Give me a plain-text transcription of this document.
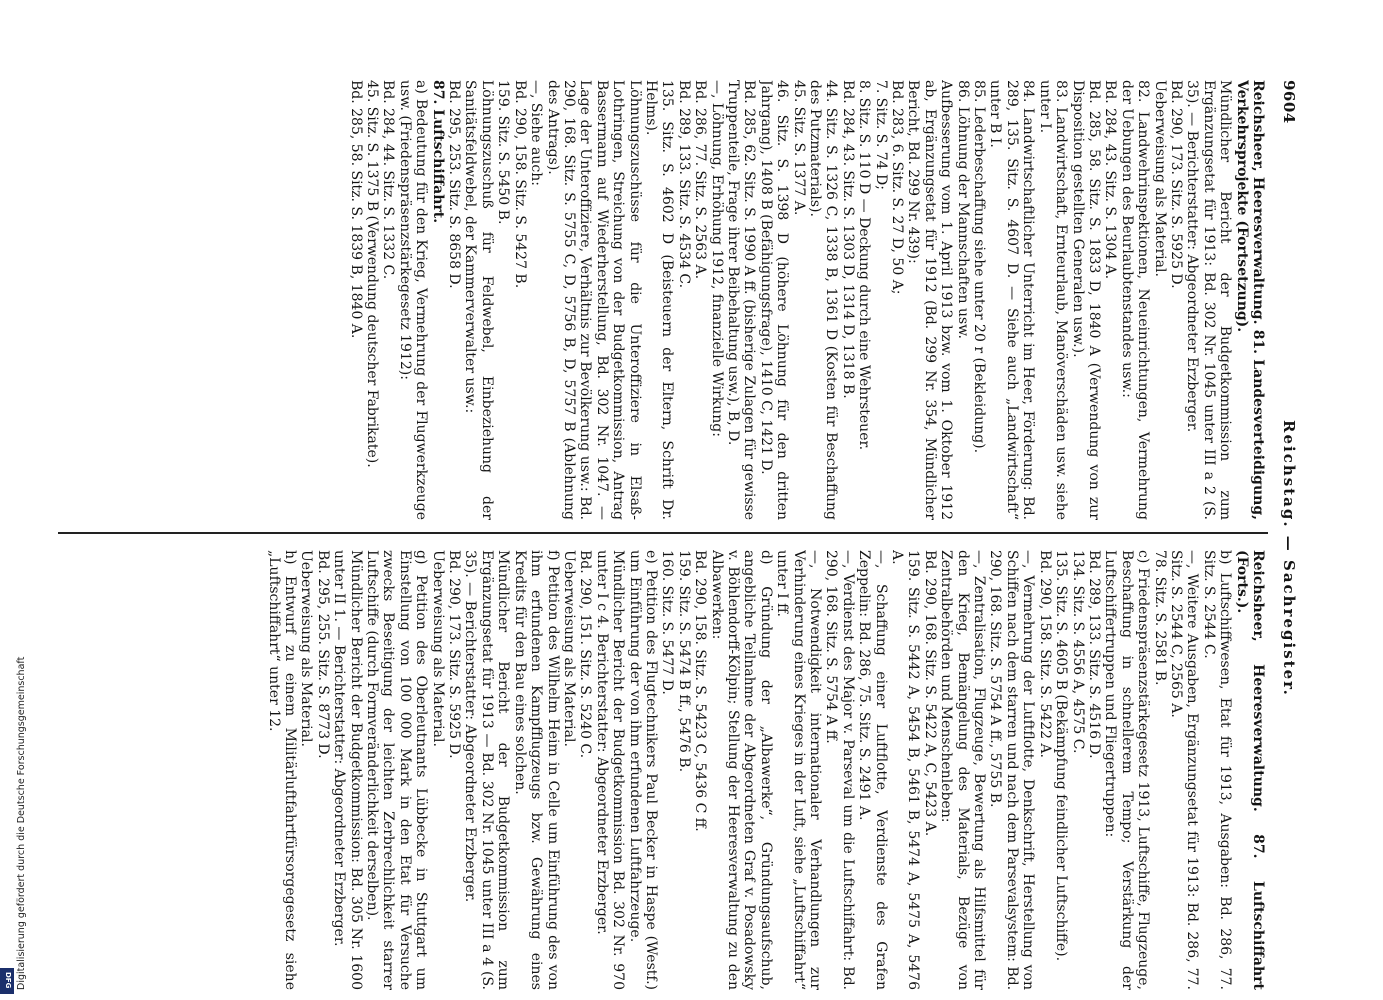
9604
Reichstag. — Sachregister.

Reichsheer, Heeresverwaltung. 81. Landesverteidigung, Verkehrsprojekte (Fortsetzung).

Mündlicher Bericht der Budgetkommission zum Ergänzungsetat für 1913: Bd. 302 Nr. 1045 unter III a 2 (S. 35). — Berichterstatter: Abgeordneter Erzberger.
Bd. 290, 173. Sitz. S. 5925 D.
Ueberweisung als Material.

82. Landwehrinspektionen, Neueinrichtungen, Vermehrung der Uebungen des Beurlaubtenstandes usw.:
Bd. 284, 43. Sitz. S. 1304 A.
Bd. 285, 58. Sitz. S. 1833 D, 1840 A (Verwendung von zur Disposition gestellten Generalen usw.).

83. Landwirtschaft, Ernteurlaub, Manöverschäden usw. siehe unter I.

84. Landwirtschaftlicher Unterricht im Heer, Förderung: Bd. 289, 135. Sitz. S. 4607 D. — Siehe auch „Landwirtschaft“ unter B I.

85. Lederbeschaffung siehe unter 20 r (Bekleidung).

86. Löhnung der Mannschaften usw.
Aufbesserung vom 1. April 1913 bzw. vom 1. Oktober 1912 ab, Ergänzungsetat für 1912 (Bd. 299 Nr. 354, Mündlicher Bericht, Bd. 299 Nr. 439):
Bd. 283, 6. Sitz. S. 27 D, 50 A;
7. Sitz. S. 74 D;
8. Sitz. S. 110 D — Deckung durch eine Wehrsteuer.
Bd. 284, 43. Sitz. S. 1303 D, 1314 D, 1318 B.
44. Sitz. S. 1326 C, 1338 B, 1361 D (Kosten für Beschaffung des Putzmaterials).
45. Sitz. S. 1377 A.
46. Sitz. S. 1398 D (höhere Löhnung für den dritten Jahrgang), 1408 B (Befähigungsfrage), 1410 C, 1421 D.
Bd. 285, 62. Sitz. S. 1990 A ff. (bisherige Zulagen für gewisse Truppenteile, Frage ihrer Beibehaltung usw.), B, D.

—, Löhnung, Erhöhung 1912, finanzielle Wirkung:
Bd. 286, 77. Sitz. S. 2563 A.
Bd. 289, 133. Sitz. S. 4534 C.
135. Sitz. S. 4602 D (Beisteuern der Eltern, Schrift Dr. Helms).

Löhnungszuschüsse für die Unteroffiziere in Elsaß-Lothringen, Streichung von der Budgetkommission, Antrag Bassermann auf Wiederherstellung, Bd. 302 Nr. 1047. — Lage der Unteroffiziere, Verhältnis zur Bevölkerung usw.: Bd. 290, 168. Sitz. S. 5755 C, D, 5756 B, D, 5757 B (Ablehnung des Antrags).

—, Siehe auch:
Bd. 290, 158. Sitz. S. 5427 B.
159. Sitz. S. 5450 B.

Löhnungszuschuß für Feldwebel, Einbeziehung der Sanitätsfeldwebel, der Kammerverwalter usw.:
Bd. 295, 253. Sitz. S. 8658 D.

87. Luftschiffahrt.

a) Bedeutung für den Krieg, Vermehrung der Flugwerkzeuge usw. (Friedenspräsenzstärkegesetz 1912):
Bd. 284, 44. Sitz. S. 1332 C.
45. Sitz. S. 1375 B (Verwendung deutscher Fabrikate).
Bd. 285, 58. Sitz. S. 1839 B, 1840 A.

Reichsheer, Heeresverwaltung. 87. Luftschiffahrt (Forts.).

b) Luftschiffwesen, Etat für 1913, Ausgaben: Bd. 286, 77. Sitz. S. 2544 C.
—, Weitere Ausgaben, Ergänzungsetat für 1913: Bd. 286, 77. Sitz. S. 2544 C, 2565 A.
78. Sitz. S. 2581 B.

c) Friedenspräsenzstärkegesetz 1913, Luftschiffe, Flugzeuge, Beschaffung in schnellerem Tempo; Verstärkung der Luftschiffertruppen und Fliegertruppen:
Bd. 289, 133. Sitz. S. 4516 D.
134. Sitz. S. 4556 A, 4575 C.
135. Sitz. S. 4605 B (Bekämpfung feindlicher Luftschiffe).
Bd. 290, 158. Sitz. S. 5422 A.

—, Vermehrung der Luftflotte, Denkschrift, Herstellung von Schiffen nach dem starren und nach dem Parsevalsystem: Bd. 290, 168. Sitz. S. 5754 A ff., 5755 B.

—, Zentralisation, Flugzeuge, Bewertung als Hilfsmittel für den Krieg, Bemängelung des Materials, Bezüge von Zentralbehörden und Menschenleben:
Bd. 290, 168. Sitz. S. 5422 A, C, 5423 A.
159. Sitz. S. 5442 A, 5454 B, 5461 B, 5474 A, 5475 A, 5476 A.

—, Schaffung einer Luftflotte, Verdienste des Grafen Zeppelin: Bd. 286, 75. Sitz. S. 2491 A.
—, Verdienst des Major v. Parseval um die Luftschiffahrt: Bd. 290, 168. Sitz. S. 5754 A ff.
—, Notwendigkeit internationaler Verhandlungen zur Verhinderung eines Krieges in der Luft, siehe „Luftschiffahrt“ unter I ff.

d) Gründung der „Albawerke“, Gründungsaufschub, angebliche Teilnahme der Abgeordneten Graf v. Posadowsky v. Böhlendorff-Kölpin; Stellung der Heeresverwaltung zu den Albawerken:
Bd. 290, 158. Sitz. S. 5423 C, 5436 C ff.
159. Sitz. S. 5474 B ff., 5476 B.
160. Sitz. S. 5477 D.

e) Petition des Flugtechnikers Paul Becker in Haspe (Westf.) um Einführung der von ihm erfundenen Luftfahrzeuge.
Mündlicher Bericht der Budgetkommission Bd. 302 Nr. 970 unter I c 4. Berichterstatter: Abgeordneter Erzberger.
Bd. 290, 151. Sitz. S. 5240 C.
Ueberweisung als Material.

f) Petition des Wilhelm Heim in Celle um Einführung des von ihm erfundenen Kampfflugzeugs bzw. Gewährung eines Kredits für den Bau eines solchen.
Mündlicher Bericht der Budgetkommission zum Ergänzungsetat für 1913 — Bd. 302 Nr. 1045 unter III a 4 (S. 35). — Berichterstatter: Abgeordneter Erzberger.
Bd. 290, 173. Sitz. S. 5925 D.
Ueberweisung als Material.

g) Petition des Oberleutnants Lübbecke in Stuttgart um Einstellung von 100 000 Mark in den Etat für Versuche zwecks Beseitigung der leichten Zerbrechlichkeit starrer Luftschiffe (durch Formveränderlichkeit derselben).
Mündlicher Bericht der Budgetkommission: Bd. 305 Nr. 1600 unter II 1. — Berichterstatter: Abgeordneter Erzberger.
Bd. 295, 255. Sitz. S. 8773 D.
Ueberweisung als Material.

h) Entwurf zu einem Militärluftfahrtfürsorgegesetz siehe „Luftschiffahrt“ unter 12.

Digitalisierung gefördert durch die Deutsche Forschungsgemeinschaft
DFG
